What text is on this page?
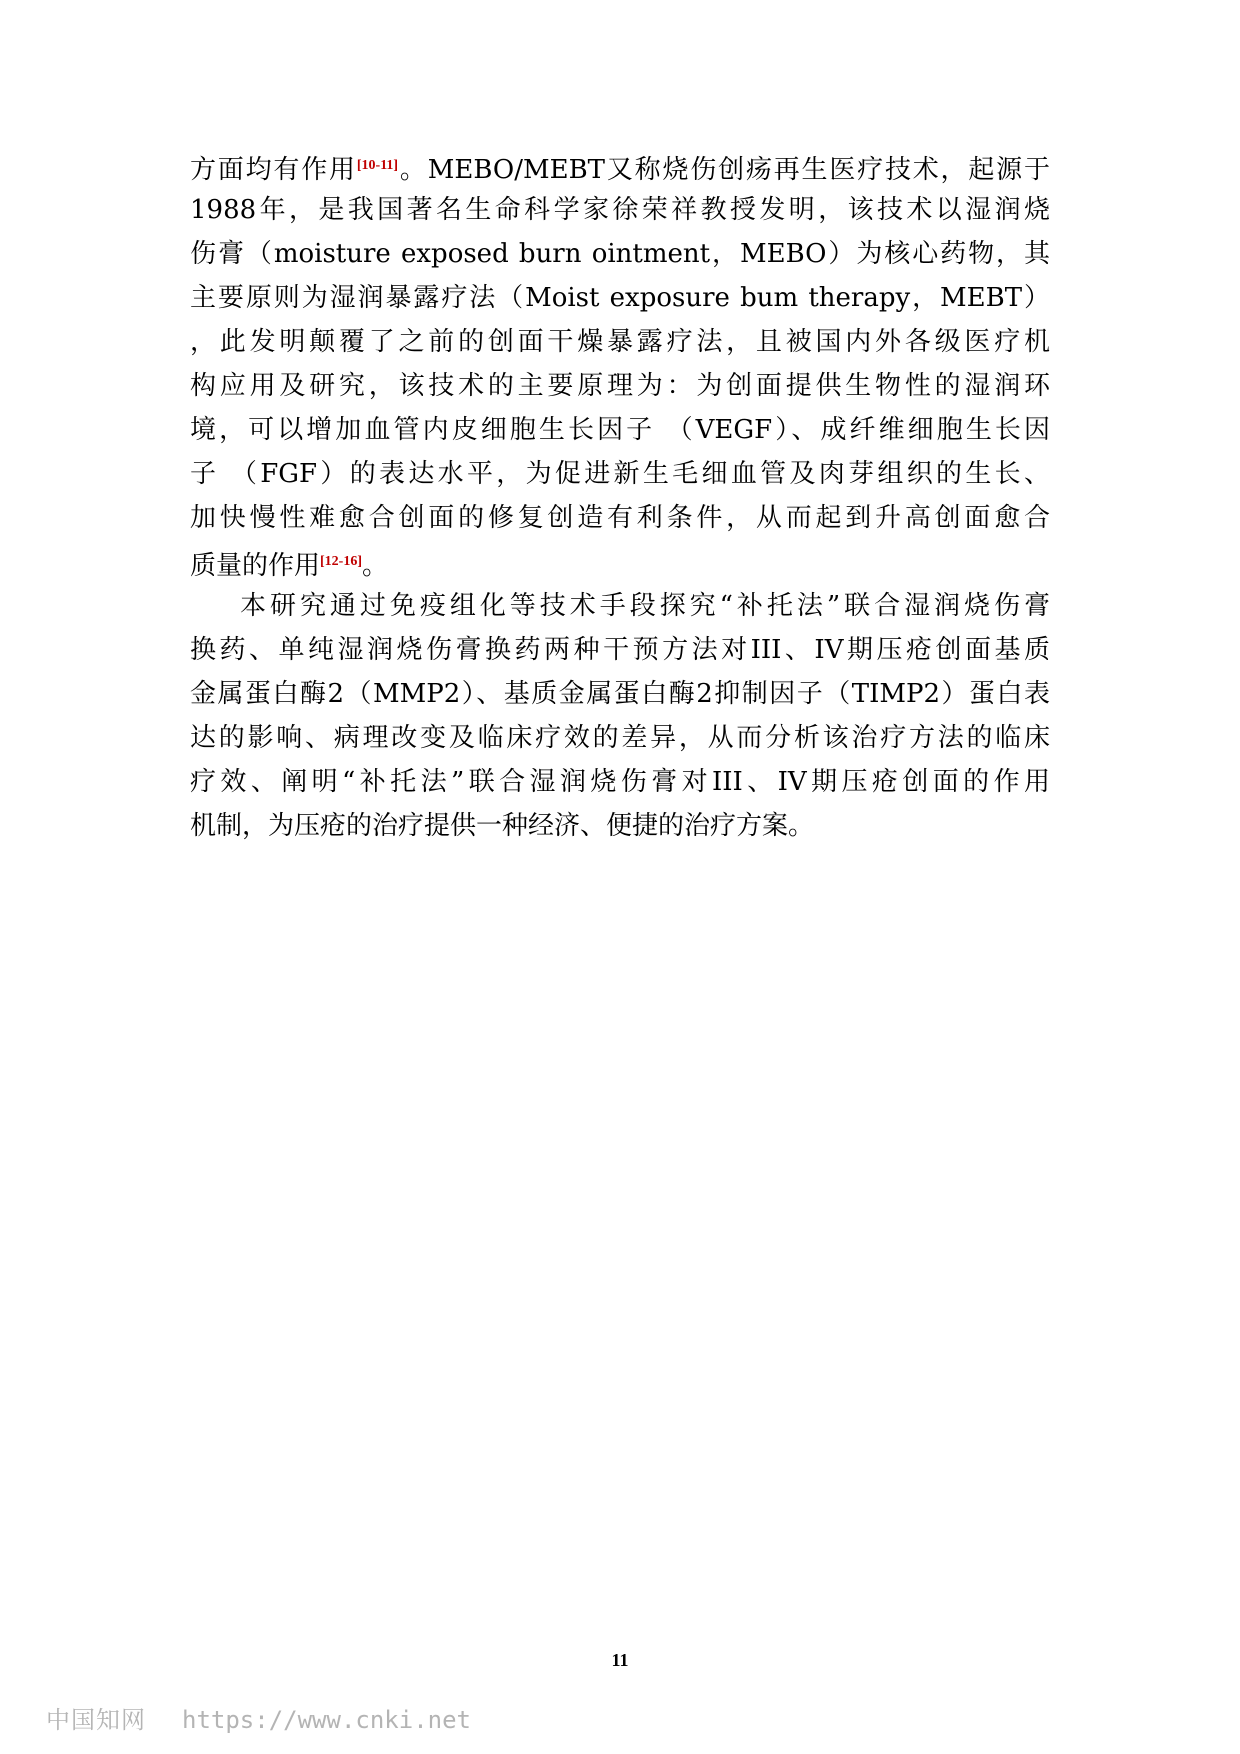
方面均有作用[10-11]。MEBO/MEBT又称烧伤创疡再生医疗技术，起源于
1988年，是我国著名生命科学家徐荣祥教授发明，该技术以湿润烧
伤膏（moisture exposed burn ointment，MEBO）为核心药物，其
主要原则为湿润暴露疗法（Moist exposure bum therapy，MEBT）
，此发明颠覆了之前的创面干燥暴露疗法，且被国内外各级医疗机
构应用及研究，该技术的主要原理为：为创面提供生物性的湿润环
境，可以增加血管内皮细胞生长因子 （VEGF）、成纤维细胞生长因
子 （FGF）的表达水平，为促进新生毛细血管及肉芽组织的生长、
加快慢性难愈合创面的修复创造有利条件，从而起到升高创面愈合
质量的作用[12-16]。
本研究通过免疫组化等技术手段探究“补托法”联合湿润烧伤膏
换药、单纯湿润烧伤膏换药两种干预方法对III、IV期压疮创面基质
金属蛋白酶2（MMP2）、基质金属蛋白酶2抑制因子（TIMP2）蛋白表
达的影响、病理改变及临床疗效的差异，从而分析该治疗方法的临床
疗效、阐明“补托法”联合湿润烧伤膏对III、IV期压疮创面的作用
机制，为压疮的治疗提供一种经济、便捷的治疗方案。
11
中国知网 https://www.cnki.net
